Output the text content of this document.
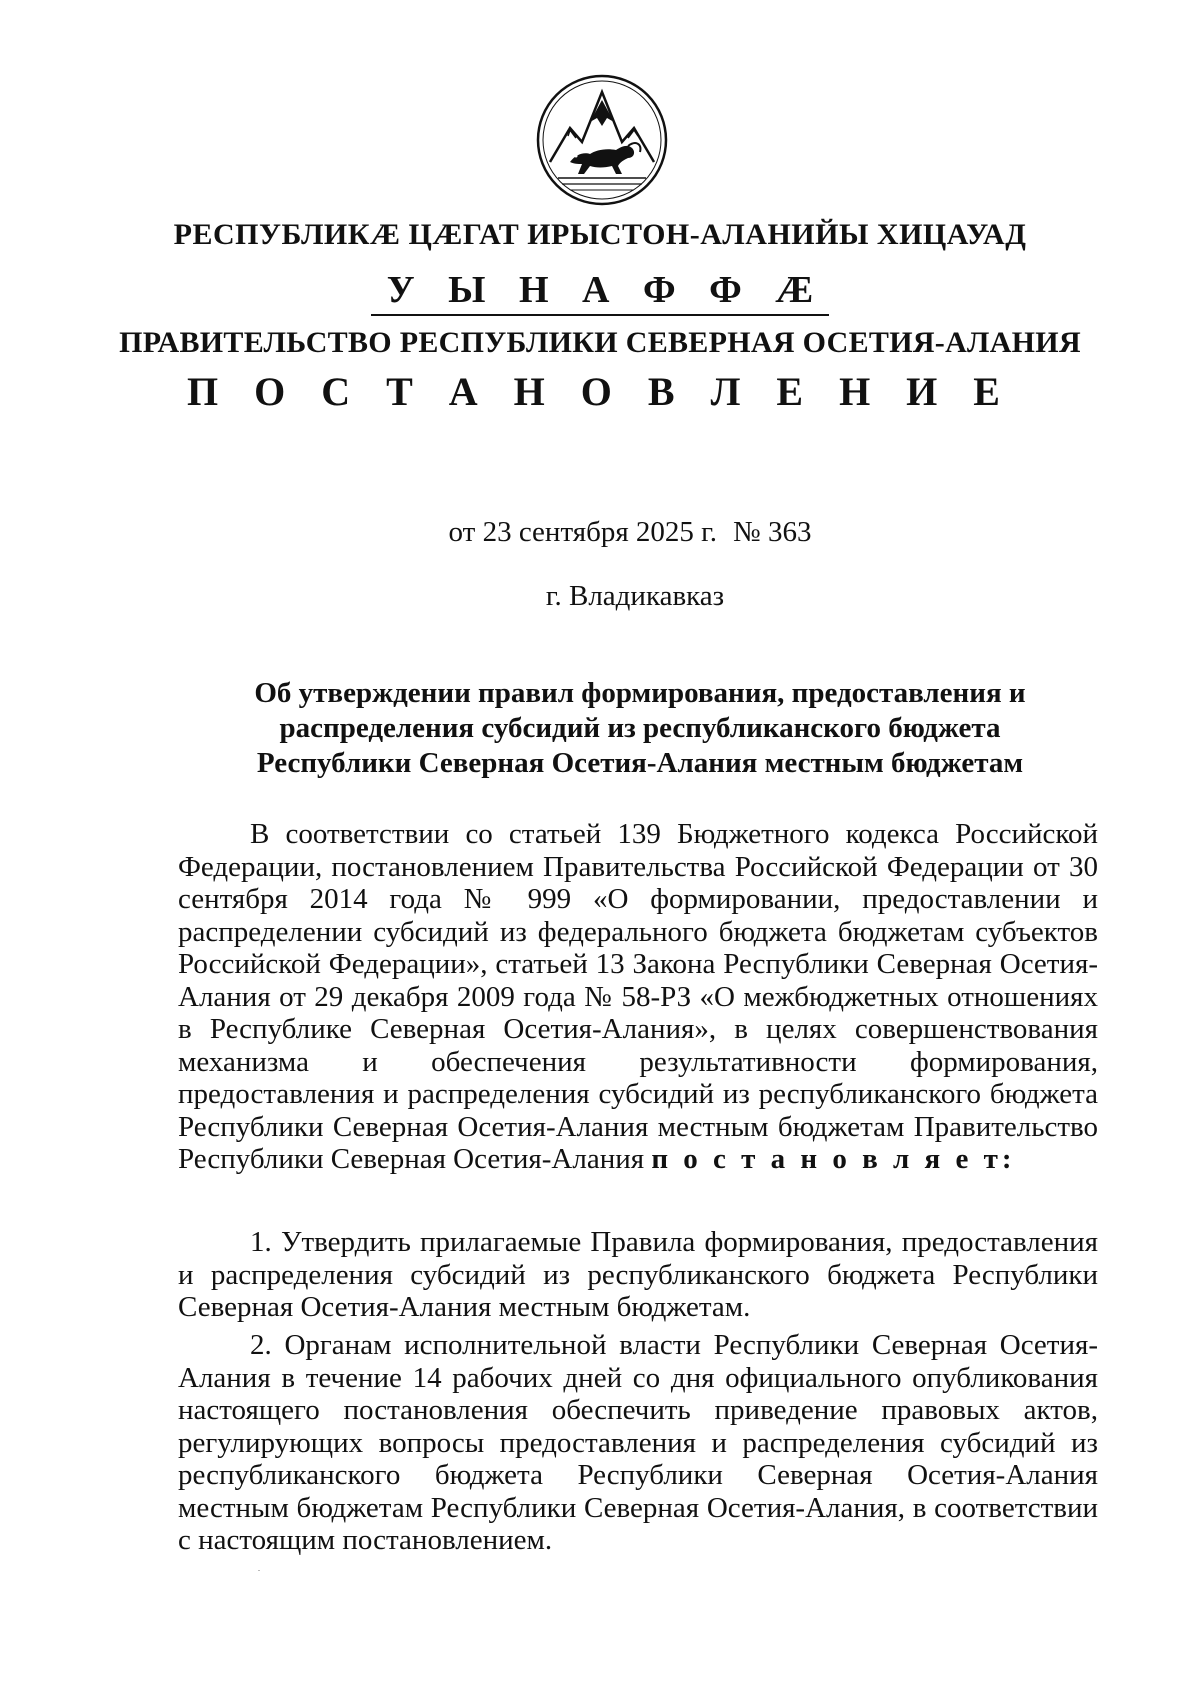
РЕСПУБЛИКӔ ЦӔГАТ ИРЫСТОН-АЛАНИЙЫ ХИЦАУАД
У Ы Н А Ф Ф Ӕ
ПРАВИТЕЛЬСТВО РЕСПУБЛИКИ СЕВЕРНАЯ ОСЕТИЯ-АЛАНИЯ
П О С Т А Н О В Л Е Н И Е
от 23 сентября 2025 г. № 363
г. Владикавказ
Об утверждении правил формирования, предоставления и
распределения субсидий из республиканского бюджета
Республики Северная Осетия-Алания местным бюджетам

В соответствии со статьей 139 Бюджетного кодекса Российской Федерации, постановлением Правительства Российской Федерации от 30 сентября 2014 года № 999 «О формировании, предоставлении и распределении субсидий из федерального бюджета бюджетам субъектов Российской Федерации», статьей 13 Закона Республики Северная Осетия-Алания от 29 декабря 2009 года № 58-РЗ «О межбюджетных отношениях в Республике Северная Осетия-Алания», в целях совершенствования механизма и обеспечения результативности формирования, предоставления и распределения субсидий из республиканского бюджета Республики Северная Осетия-Алания местным бюджетам Правительство Республики Северная Осетия-Алания п о с т а н о в л я е т:

1. Утвердить прилагаемые Правила формирования, предоставления и распределения субсидий из республиканского бюджета Республики Северная Осетия-Алания местным бюджетам.

2. Органам исполнительной власти Республики Северная Осетия-Алания в течение 14 рабочих дней со дня официального опубликования настоящего постановления обеспечить приведение правовых актов, регулирующих вопросы предоставления и распределения субсидий из республиканского бюджета Республики Северная Осетия-Алания местным бюджетам Республики Северная Осетия-Алания, в соответствии с настоящим постановлением.
